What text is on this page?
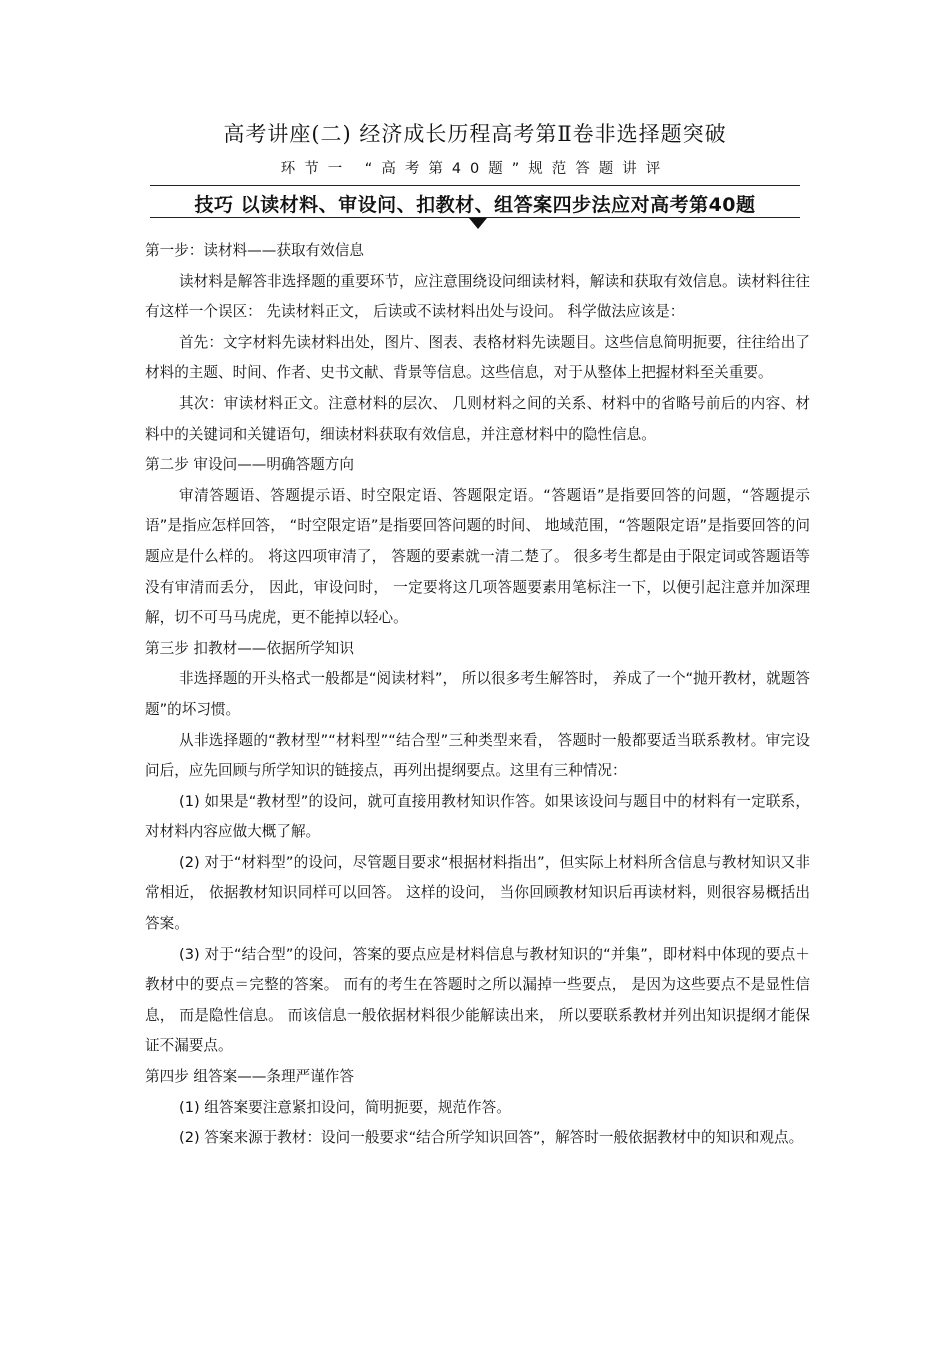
高考讲座(二) 经济成长历程高考第Ⅱ卷非选择题突破
环节一 “高考第40题”规范答题讲评
技巧 以读材料、审设问、扣教材、组答案四步法应对高考第40题

第一步：读材料——获取有效信息

读材料是解答非选择题的重要环节，应注意围绕设问细读材料，解读和获取有效信息。读材料往往有这样一个误区： 先读材料正文， 后读或不读材料出处与设问。 科学做法应该是：

首先：文字材料先读材料出处，图片、图表、表格材料先读题目。这些信息简明扼要，往往给出了材料的主题、时间、作者、史书文献、背景等信息。这些信息，对于从整体上把握材料至关重要。

其次：审读材料正文。注意材料的层次、 几则材料之间的关系、材料中的省略号前后的内容、材料中的关键词和关键语句，细读材料获取有效信息，并注意材料中的隐性信息。

第二步 审设问——明确答题方向

审清答题语、答题提示语、时空限定语、答题限定语。“答题语”是指要回答的问题，“答题提示语”是指应怎样回答， “时空限定语”是指要回答问题的时间、 地域范围，“答题限定语”是指要回答的问题应是什么样的。 将这四项审清了， 答题的要素就一清二楚了。 很多考生都是由于限定词或答题语等没有审清而丢分， 因此，审设问时， 一定要将这几项答题要素用笔标注一下，以便引起注意并加深理解，切不可马马虎虎，更不能掉以轻心。

第三步 扣教材——依据所学知识

非选择题的开头格式一般都是“阅读材料”， 所以很多考生解答时， 养成了一个“抛开教材，就题答题”的坏习惯。

从非选择题的“教材型”“材料型”“结合型”三种类型来看， 答题时一般都要适当联系教材。审完设问后，应先回顾与所学知识的链接点，再列出提纲要点。这里有三种情况：

(1) 如果是“教材型”的设问，就可直接用教材知识作答。如果该设问与题目中的材料有一定联系，对材料内容应做大概了解。

(2) 对于“材料型”的设问，尽管题目要求“根据材料指出”，但实际上材料所含信息与教材知识又非常相近， 依据教材知识同样可以回答。 这样的设问， 当你回顾教材知识后再读材料，则很容易概括出答案。

(3) 对于“结合型”的设问，答案的要点应是材料信息与教材知识的“并集”，即材料中体现的要点＋教材中的要点＝完整的答案。 而有的考生在答题时之所以漏掉一些要点， 是因为这些要点不是显性信息， 而是隐性信息。 而该信息一般依据材料很少能解读出来， 所以要联系教材并列出知识提纲才能保证不漏要点。

第四步 组答案——条理严谨作答

(1) 组答案要注意紧扣设问，简明扼要，规范作答。

(2) 答案来源于教材：设问一般要求“结合所学知识回答”，解答时一般依据教材中的知识和观点。
